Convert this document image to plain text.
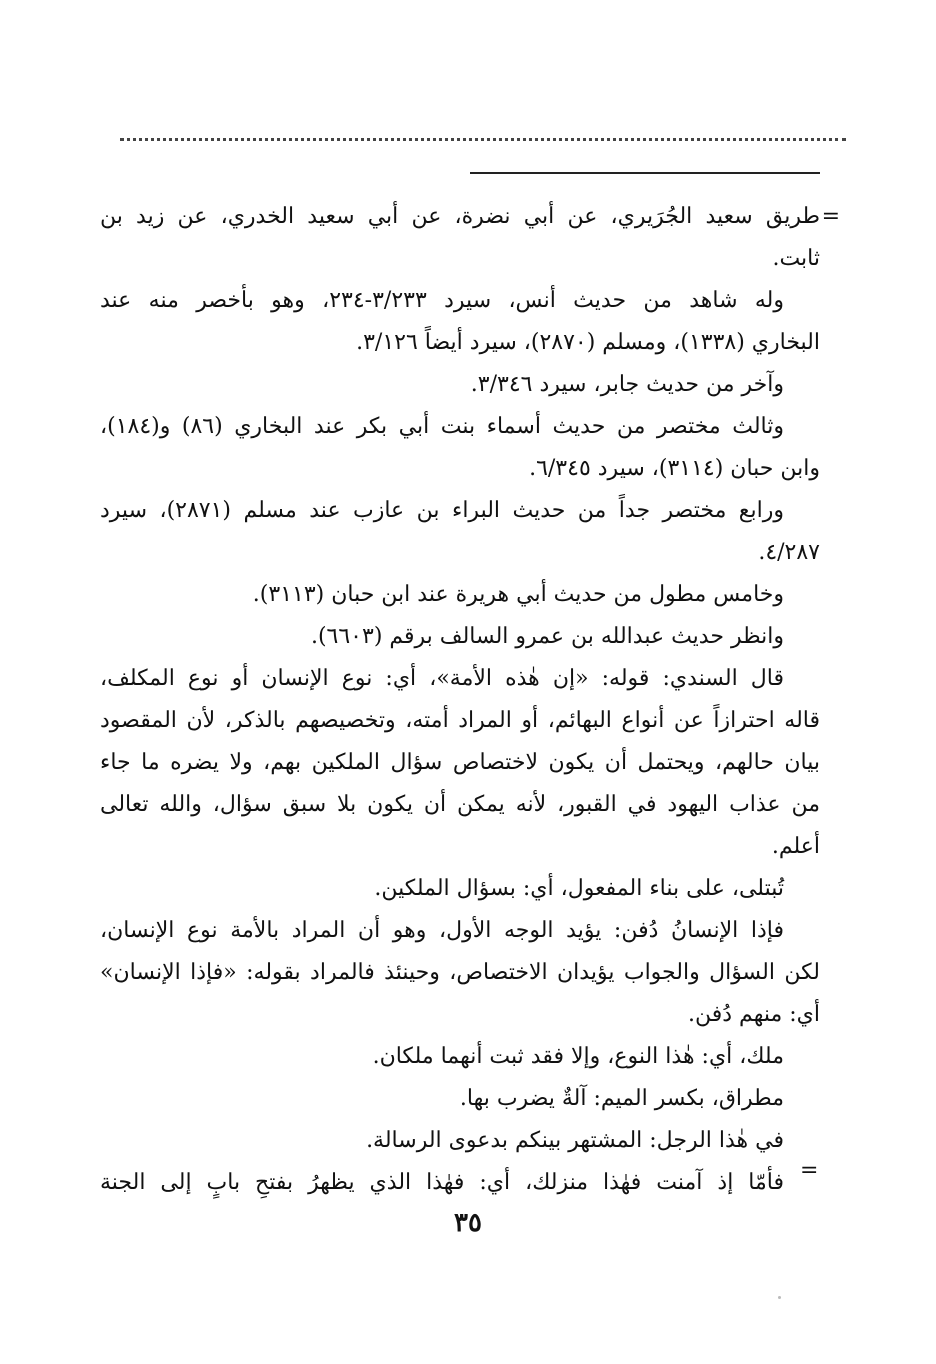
=
طريق سعيد الجُرَيري، عن أبي نضرة، عن أبي سعيد الخدري، عن زيد بن
ثابت.
وله شاهد من حديث أنس، سيرد ٣/٢٣٣-٢٣٤، وهو بأخصر منه عند
البخاري (١٣٣٨)، ومسلم (٢٨٧٠)، سيرد أيضاً ٣/١٢٦.
وآخر من حديث جابر، سيرد ٣/٣٤٦.
وثالث مختصر من حديث أسماء بنت أبي بكر عند البخاري (٨٦) و(١٨٤)،
وابن حبان (٣١١٤)، سيرد ٦/٣٤٥.
ورابع مختصر جداً من حديث البراء بن عازب عند مسلم (٢٨٧١)، سيرد
٤/٢٨٧.
وخامس مطول من حديث أبي هريرة عند ابن حبان (٣١١٣).
وانظر حديث عبدالله بن عمرو السالف برقم (٦٦٠٣).
قال السندي: قوله: «إن هٰذه الأمة»، أي: نوع الإنسان أو نوع المكلف،
قاله احترازاً عن أنواع البهائم، أو المراد أمته، وتخصيصهم بالذكر، لأن المقصود
بيان حالهم، ويحتمل أن يكون لاختصاص سؤال الملكين بهم، ولا يضره ما جاء
من عذاب اليهود في القبور، لأنه يمكن أن يكون بلا سبق سؤال، والله تعالى
أعلم.
تُبتلى، على بناء المفعول، أي: بسؤال الملكين.
فإذا الإنسانُ دُفن: يؤيد الوجه الأول، وهو أن المراد بالأمة نوع الإنسان،
لكن السؤال والجواب يؤيدان الاختصاص، وحينئذ فالمراد بقوله: «فإذا الإنسان»
أي: منهم دُفن.
ملك، أي: هٰذا النوع، وإلا فقد ثبت أنهما ملكان.
مطراق، بكسر الميم: آلةٌ يضرب بها.
في هٰذا الرجل: المشتهر بينكم بدعوى الرسالة.
فأمّا إذ آمنت فهٰذا منزلك، أي: فهٰذا الذي يظهرُ بفتحِ بابٍ إلى الجنة =
٣٥
